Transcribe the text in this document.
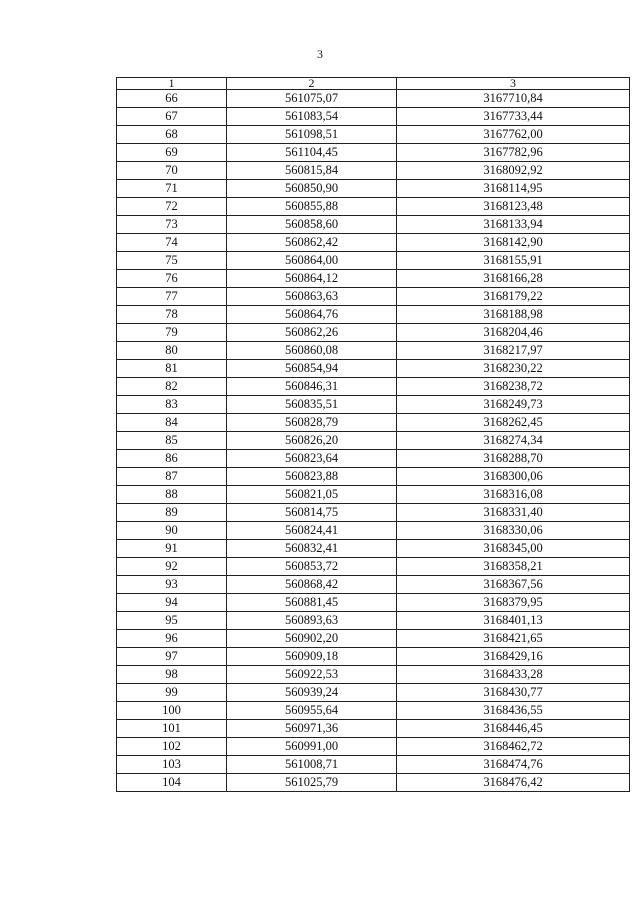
3
1	2	3
66	561075,07	3167710,84
67	561083,54	3167733,44
68	561098,51	3167762,00
69	561104,45	3167782,96
70	560815,84	3168092,92
71	560850,90	3168114,95
72	560855,88	3168123,48
73	560858,60	3168133,94
74	560862,42	3168142,90
75	560864,00	3168155,91
76	560864,12	3168166,28
77	560863,63	3168179,22
78	560864,76	3168188,98
79	560862,26	3168204,46
80	560860,08	3168217,97
81	560854,94	3168230,22
82	560846,31	3168238,72
83	560835,51	3168249,73
84	560828,79	3168262,45
85	560826,20	3168274,34
86	560823,64	3168288,70
87	560823,88	3168300,06
88	560821,05	3168316,08
89	560814,75	3168331,40
90	560824,41	3168330,06
91	560832,41	3168345,00
92	560853,72	3168358,21
93	560868,42	3168367,56
94	560881,45	3168379,95
95	560893,63	3168401,13
96	560902,20	3168421,65
97	560909,18	3168429,16
98	560922,53	3168433,28
99	560939,24	3168430,77
100	560955,64	3168436,55
101	560971,36	3168446,45
102	560991,00	3168462,72
103	561008,71	3168474,76
104	561025,79	3168476,42
